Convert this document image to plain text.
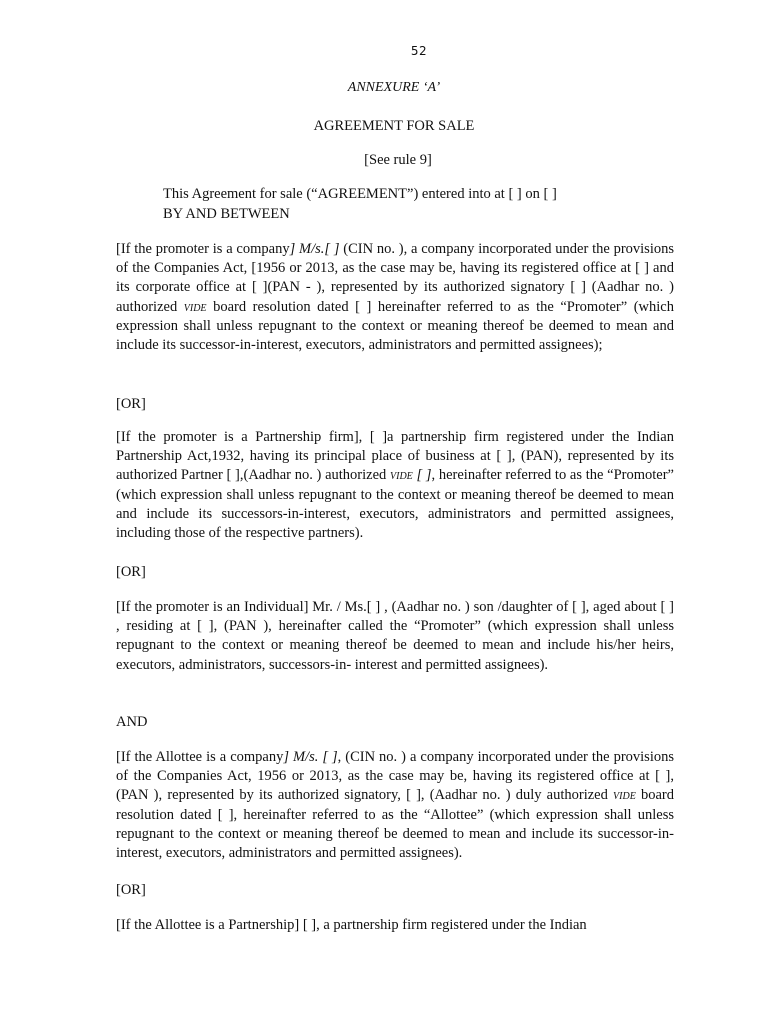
52
ANNEXURE ‘A’
AGREEMENT FOR SALE
[See rule 9]
This Agreement for sale (“AGREEMENT”) entered into at [ ] on [ ]
BY AND BETWEEN
[If the promoter is a company] M/s.[ ] (CIN no. ), a company incorporated under the provisions of the Companies Act, [1956 or 2013, as the case may be, having its registered office at [ ] and its corporate office at [ ](PAN - ), represented by its authorized signatory [ ] (Aadhar no. ) authorized vide board resolution dated [ ] hereinafter referred to as the “Promoter” (which expression shall unless repugnant to the context or meaning thereof be deemed to mean and include its successor-in-interest, executors, administrators and permitted assignees);
[OR]
[If the promoter is a Partnership firm], [ ]a partnership firm registered under the Indian Partnership Act,1932, having its principal place of business at [ ], (PAN), represented by its authorized Partner [ ],(Aadhar no. ) authorized vide [ ], hereinafter referred to as the “Promoter” (which expression shall unless repugnant to the context or meaning thereof be deemed to mean and include its successors-in-interest, executors, administrators and permitted assignees, including those of the respective partners).
[OR]
[If the promoter is an Individual] Mr. / Ms.[ ] , (Aadhar no. ) son /daughter of [ ], aged about [ ] , residing at [ ], (PAN ), hereinafter called the “Promoter” (which expression shall unless repugnant to the context or meaning thereof be deemed to mean and include his/her heirs, executors, administrators, successors-in- interest and permitted assignees).
AND
[If the Allottee is a company] M/s. [ ], (CIN no. ) a company incorporated under the provisions of the Companies Act, 1956 or 2013, as the case may be, having its registered office at [ ], (PAN ), represented by its authorized signatory, [ ], (Aadhar no. ) duly authorized vide board resolution dated [ ], hereinafter referred to as the “Allottee” (which expression shall unless repugnant to the context or meaning thereof be deemed to mean and include its successor-in-interest, executors, administrators and permitted assignees).
[OR]
[If the Allottee is a Partnership] [ ], a partnership firm registered under the Indian
